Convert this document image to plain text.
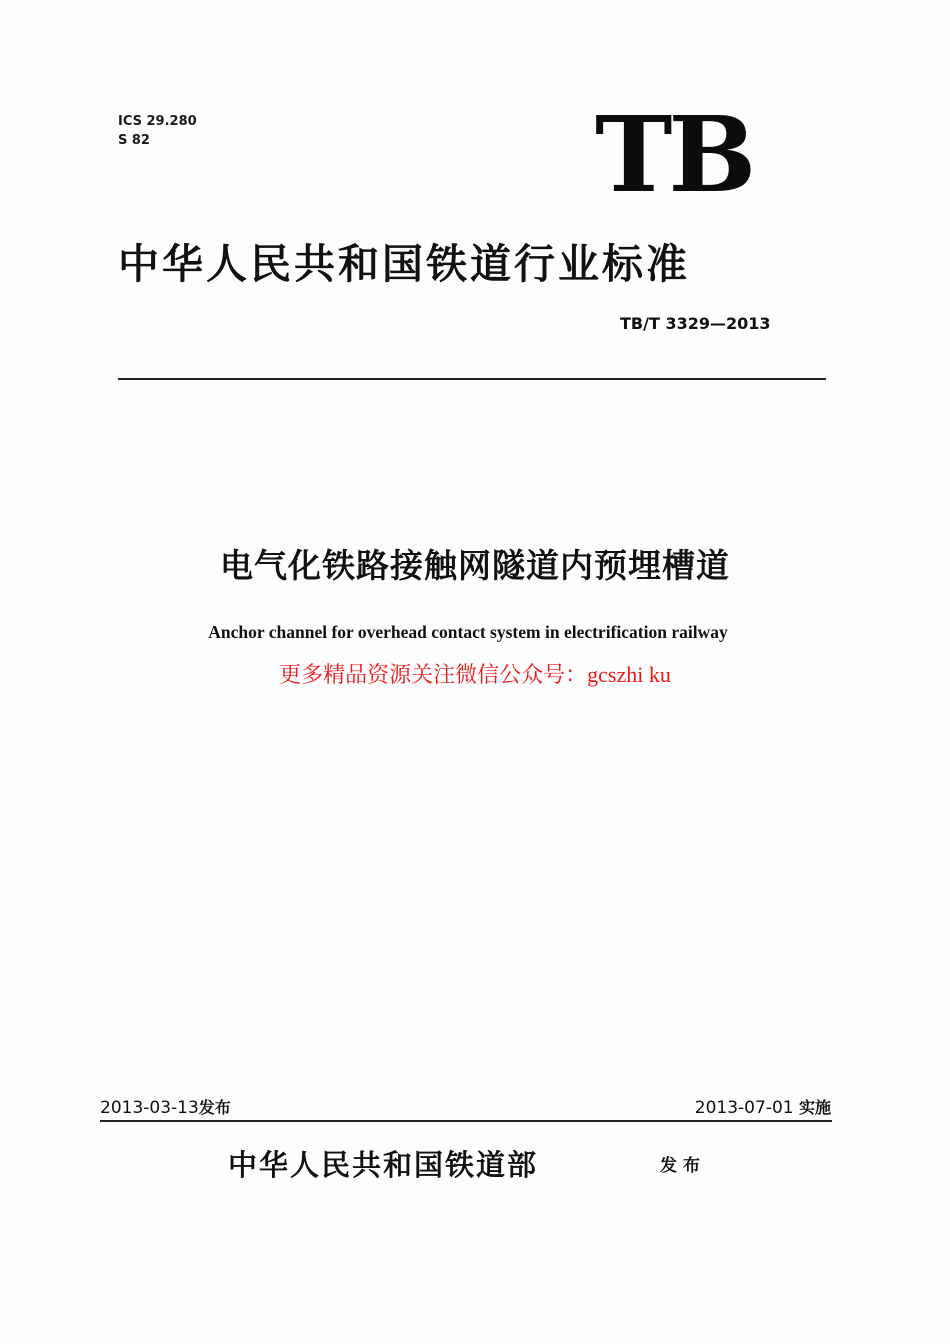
ICS 29.280
S 82	TB
中华人民共和国铁道行业标准
TB/T 3329—2013
电气化铁路接触网隧道内预埋槽道
Anchor channel for overhead contact system in electrification railway
更多精品资源关注微信公众号：gcszhi ku
2013-03-13发布	2013-07-01 实施
中华人民共和国铁道部	发布
